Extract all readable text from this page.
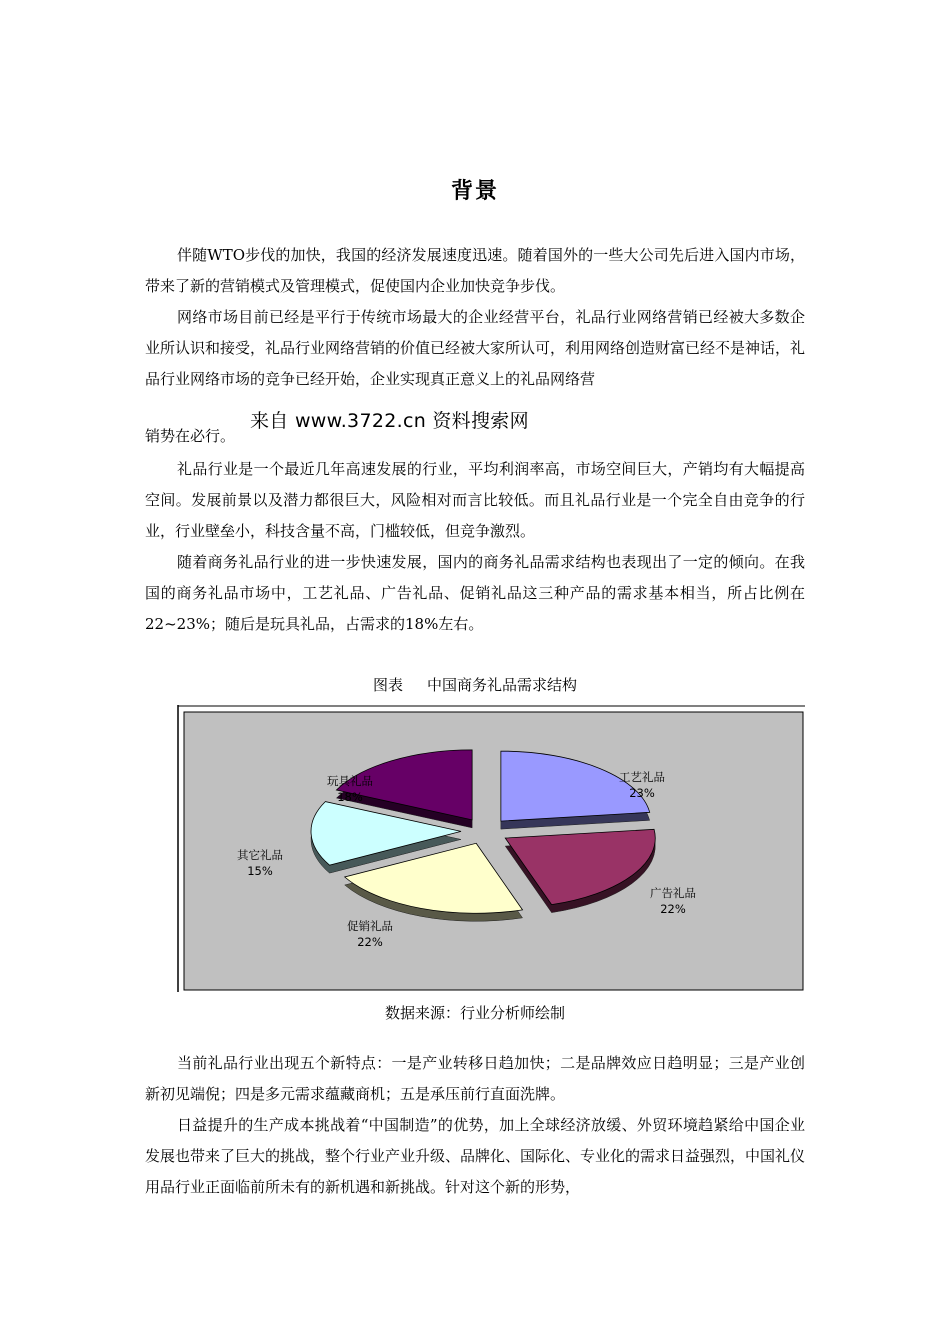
背景

伴随WTO步伐的加快，我国的经济发展速度迅速。随着国外的一些大公司先后进入国内市场，带来了新的营销模式及管理模式，促使国内企业加快竞争步伐。

网络市场目前已经是平行于传统市场最大的企业经营平台，礼品行业网络营销已经被大多数企业所认识和接受，礼品行业网络营销的价值已经被大家所认可，利用网络创造财富已经不是神话，礼品行业网络市场的竞争已经开始，企业实现真正意义上的礼品网络营

来自 www.3722.cn 资料搜索网

销势在必行。

礼品行业是一个最近几年高速发展的行业，平均利润率高，市场空间巨大，产销均有大幅提高空间。发展前景以及潜力都很巨大，风险相对而言比较低。而且礼品行业是一个完全自由竞争的行业，行业壁垒小，科技含量不高，门槛较低，但竞争激烈。

随着商务礼品行业的进一步快速发展，国内的商务礼品需求结构也表现出了一定的倾向。在我国的商务礼品市场中，工艺礼品、广告礼品、促销礼品这三种产品的需求基本相当，所占比例在22~23%；随后是玩具礼品，占需求的18%左右。

图表 中国商务礼品需求结构
工艺礼品
23%
广告礼品
22%
促销礼品
22%
其它礼品
15%
玩具礼品
18%
数据来源：行业分析师绘制

当前礼品行业出现五个新特点：一是产业转移日趋加快；二是品牌效应日趋明显；三是产业创新初见端倪；四是多元需求蕴藏商机；五是承压前行直面洗牌。

日益提升的生产成本挑战着“中国制造”的优势，加上全球经济放缓、外贸环境趋紧给中国企业发展也带来了巨大的挑战，整个行业产业升级、品牌化、国际化、专业化的需求日益强烈，中国礼仪用品行业正面临前所未有的新机遇和新挑战。针对这个新的形势，
